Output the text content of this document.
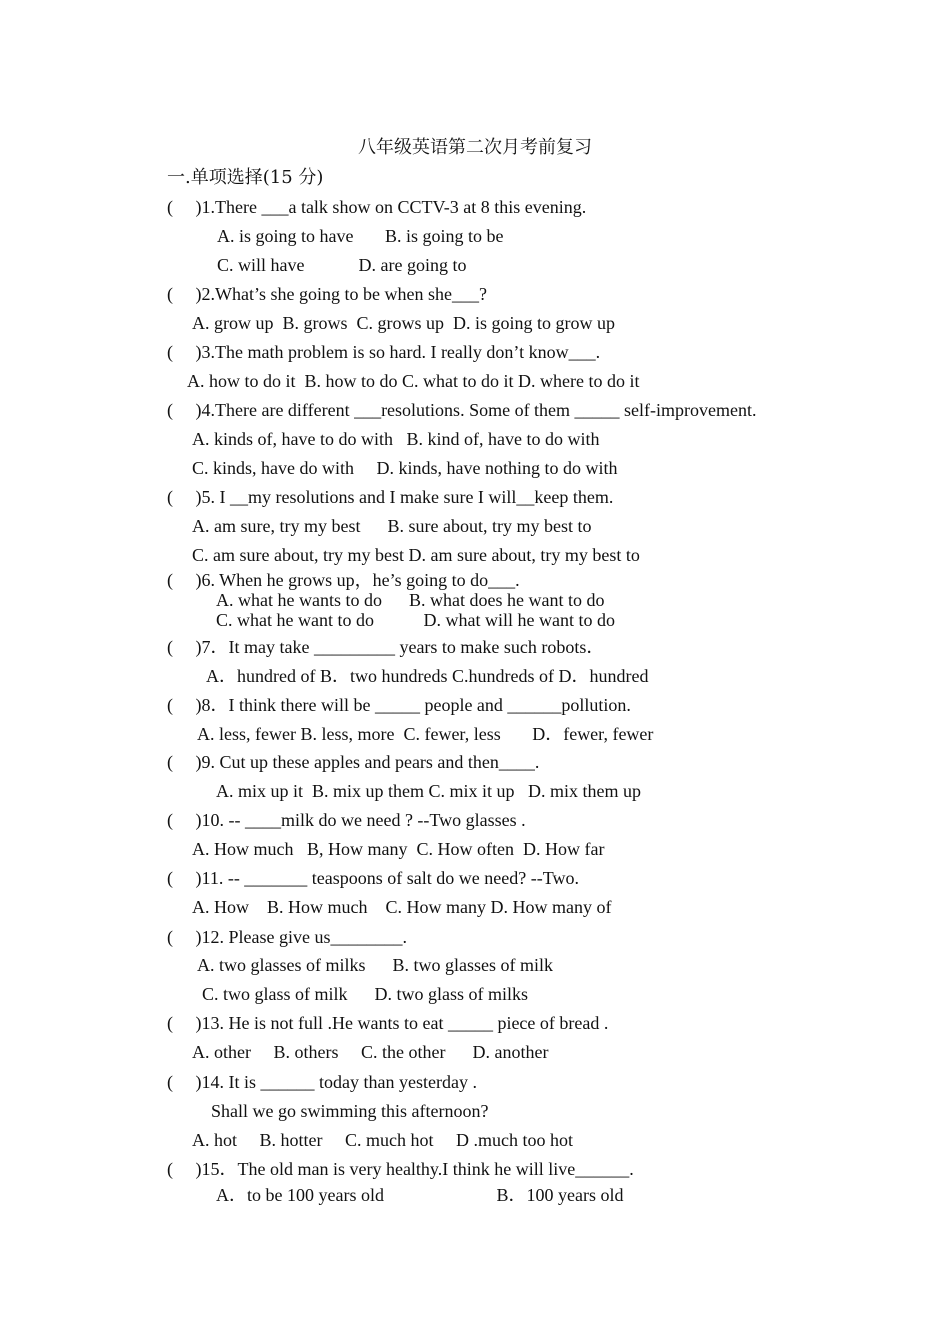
八年级英语第二次月考前复习
一.单项选择(15 分)
(     )1.There ___a talk show on CCTV-3 at 8 this evening.
A. is going to have       B. is going to be
C. will have            D. are going to
(     )2.What’s she going to be when she___?
A. grow up  B. grows  C. grows up  D. is going to grow up
(     )3.The math problem is so hard. I really don’t know___.
A. how to do it  B. how to do C. what to do it D. where to do it
(     )4.There are different ___resolutions. Some of them _____ self-improvement.
A. kinds of, have to do with   B. kind of, have to do with
C. kinds, have do with     D. kinds, have nothing to do with
(     )5. I __my resolutions and I make sure I will__keep them.
A. am sure, try my best      B. sure about, try my best to
C. am sure about, try my best D. am sure about, try my best to
(     )6. When he grows up，he’s going to do___.
A. what he wants to do      B. what does he want to do
C. what he want to do           D. what will he want to do
(     )7．It may take _________ years to make such robots．
A．hundred of B．two hundreds C.hundreds of D．hundred
(     )8．I think there will be _____ people and ______pollution.
A. less, fewer B. less, more  C. fewer, less       D．fewer, fewer
(     )9. Cut up these apples and pears and then____.
A. mix up it  B. mix up them C. mix it up   D. mix them up
(     )10. -- ____milk do we need ? --Two glasses .
A. How much   B, How many  C. How often  D. How far
(     )11. -- _______ teaspoons of salt do we need? --Two.
A. How    B. How much    C. How many D. How many of
(     )12. Please give us________.
A. two glasses of milks      B. two glasses of milk
C. two glass of milk      D. two glass of milks
(     )13. He is not full .He wants to eat _____ piece of bread .
A. other     B. others     C. the other      D. another
(     )14. It is ______ today than yesterday .
Shall we go swimming this afternoon?
A. hot     B. hotter     C. much hot     D .much too hot
(     )15．The old man is very healthy.I think he will live______.
A．to be 100 years old                         B．100 years old
